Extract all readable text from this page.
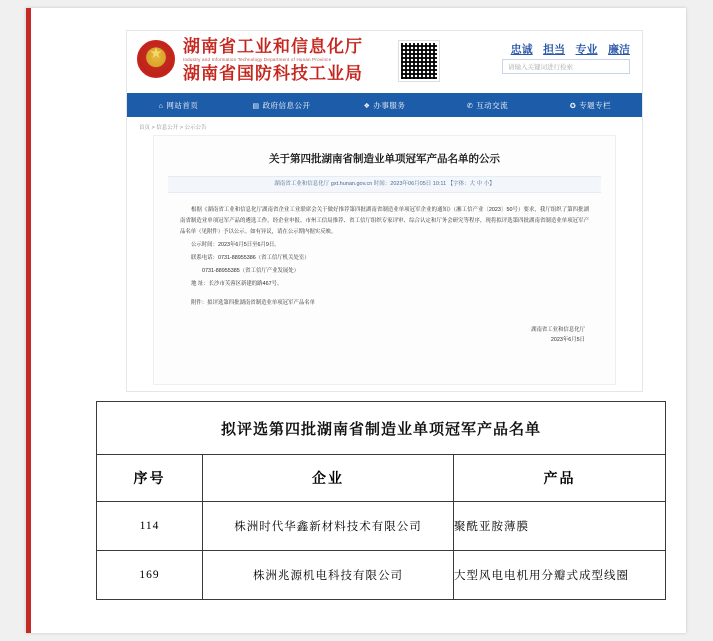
★
湖南省工业和信息化厅
Industry and Information Technology Department of Hunan Province
湖南省国防科技工业局
忠诚 担当 专业 廉洁
请输入关键词进行检索
⌂ 网站首页	▤ 政府信息公开	❖ 办事服务	✆ 互动交流	✪ 专题专栏
首页 > 信息公开 > 公示公告
关于第四批湖南省制造业单项冠军产品名单的公示
湖南省工业和信息化厅 gxt.hunan.gov.cn 时间：2023年06月05日 10:11 【字体：大 中 小】

根据《湖南省工业和信息化厅湖南省企业工业联席会关于做好推荐第四批湖南省制造业单项冠军企业的通知》（湘工信产业〔2023〕50号）要求，我厅组织了第四批湖南省制造业单项冠军产品的遴选工作。经企业申报、市州工信局推荐、省工信厅组织专家评审、综合认定和厅务会研究等程序，现将拟评选第四批湖南省制造业单项冠军产品名单（见附件）予以公示。如有异议，请在公示期内据实反映。

公示时间：2023年6月5日至6月9日。

联系电话：0731-88955386（省工信厅机关处室）

0731-88955385（省工信厅产业发展处）

地 址：长沙市芙蓉区新建的路467号。

附件：拟评选第四批湖南省制造业单项冠军产品名单

湖南省工业和信息化厅
2023年6月5日
拟评选第四批湖南省制造业单项冠军产品名单
序号	企业	产品
114	株洲时代华鑫新材料技术有限公司	聚酰亚胺薄膜
169	株洲兆源机电科技有限公司	大型风电电机用分瓣式成型线圈
